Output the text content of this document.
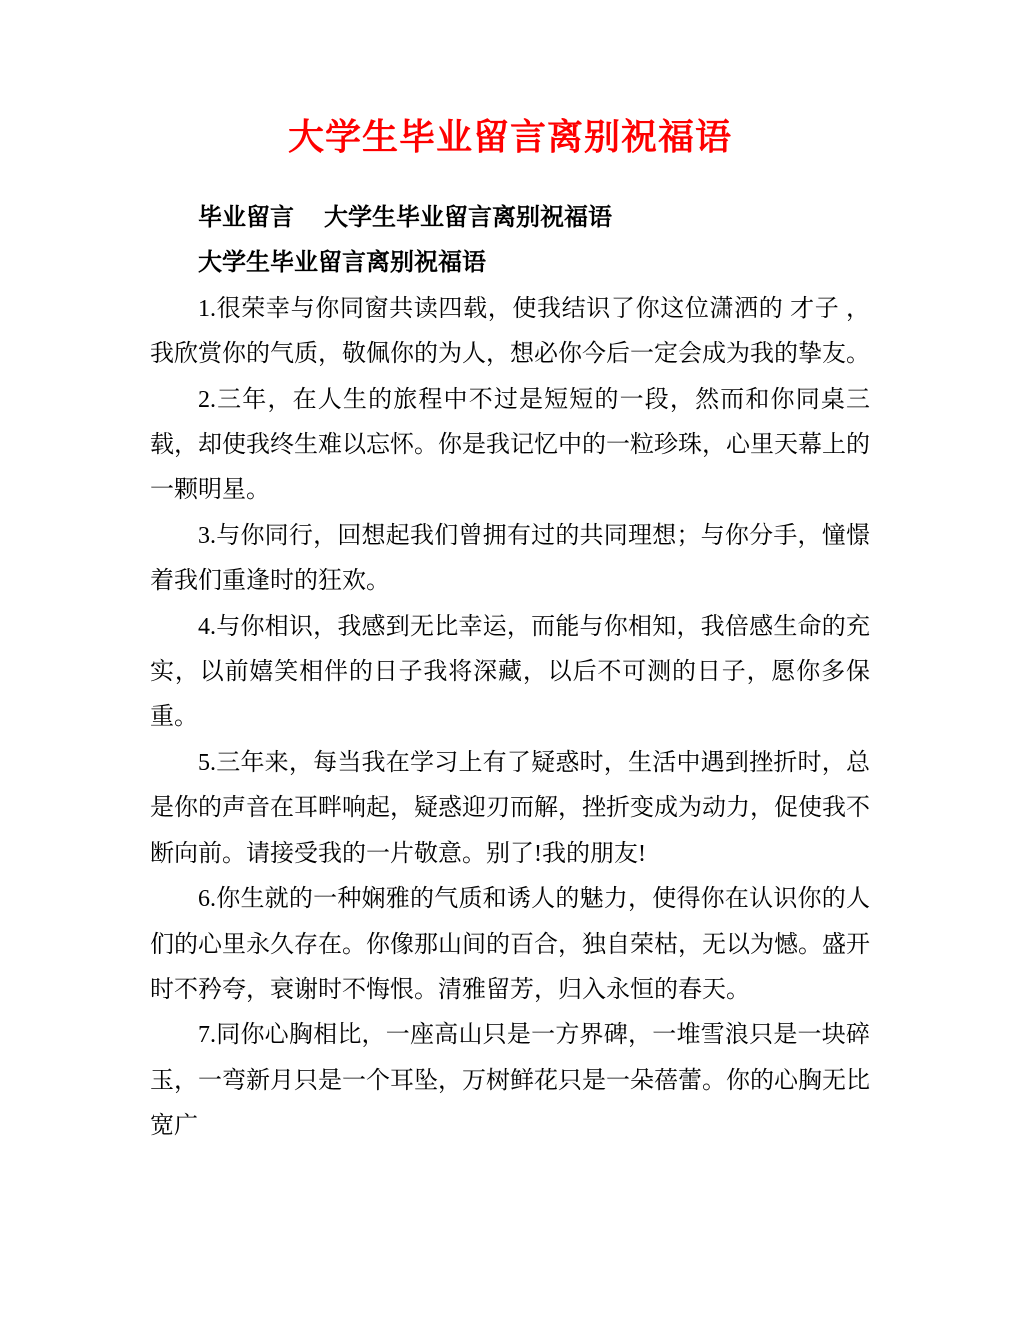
大学生毕业留言离别祝福语

毕业留言　 大学生毕业留言离别祝福语

大学生毕业留言离别祝福语

1.很荣幸与你同窗共读四载，使我结识了你这位潇洒的 才子 ，我欣赏你的气质，敬佩你的为人，想必你今后一定会成为我的挚友。

2.三年，在人生的旅程中不过是短短的一段，然而和你同桌三载，却使我终生难以忘怀。你是我记忆中的一粒珍珠，心里天幕上的一颗明星。

3.与你同行，回想起我们曾拥有过的共同理想；与你分手，憧憬着我们重逢时的狂欢。

4.与你相识，我感到无比幸运，而能与你相知，我倍感生命的充实，以前嬉笑相伴的日子我将深藏，以后不可测的日子，愿你多保重。

5.三年来，每当我在学习上有了疑惑时，生活中遇到挫折时，总是你的声音在耳畔响起，疑惑迎刃而解，挫折变成为动力，促使我不断向前。请接受我的一片敬意。别了!我的朋友!

6.你生就的一种娴雅的气质和诱人的魅力，使得你在认识你的人们的心里永久存在。你像那山间的百合，独自荣枯，无以为憾。盛开时不矜夸，衰谢时不悔恨。清雅留芳，归入永恒的春天。

7.同你心胸相比，一座高山只是一方界碑，一堆雪浪只是一块碎玉，一弯新月只是一个耳坠，万树鲜花只是一朵蓓蕾。你的心胸无比宽广
